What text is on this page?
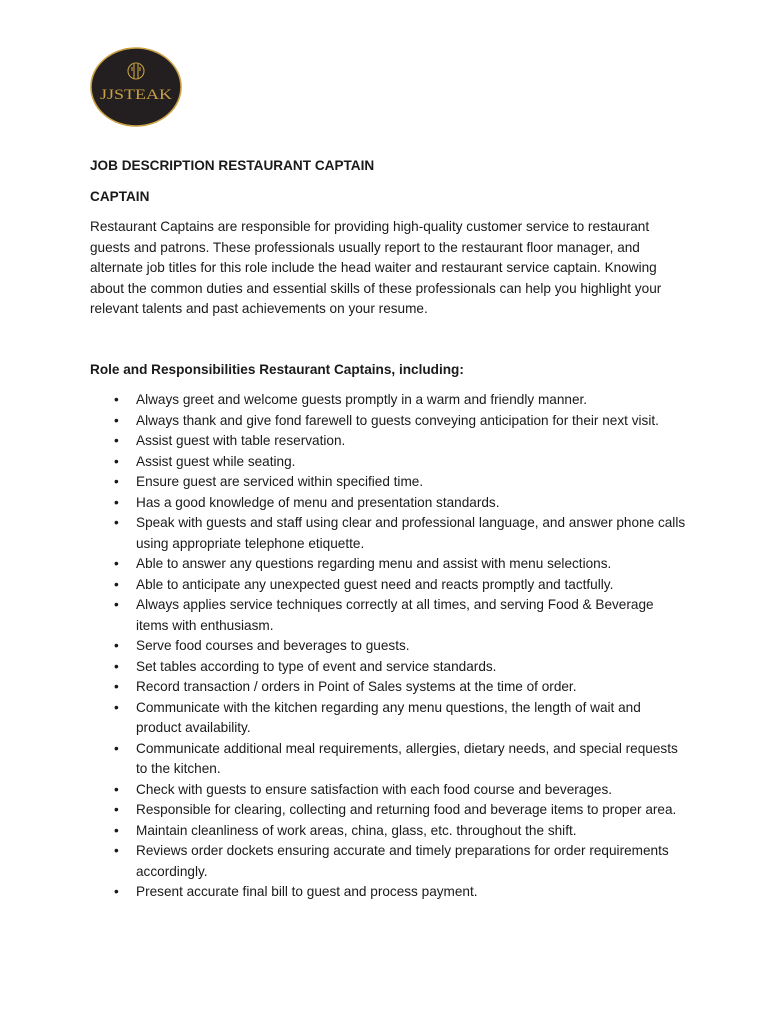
JJSTEAK

JOB DESCRIPTION RESTAURANT CAPTAIN

CAPTAIN

Restaurant Captains are responsible for providing high-quality customer service to restaurant guests and patrons. These professionals usually report to the restaurant floor manager, and alternate job titles for this role include the head waiter and restaurant service captain. Knowing about the common duties and essential skills of these professionals can help you highlight your relevant talents and past achievements on your resume.

Role and Responsibilities Restaurant Captains, including:

• Always greet and welcome guests promptly in a warm and friendly manner.
• Always thank and give fond farewell to guests conveying anticipation for their next visit.
• Assist guest with table reservation.
• Assist guest while seating.
• Ensure guest are serviced within specified time.
• Has a good knowledge of menu and presentation standards.
• Speak with guests and staff using clear and professional language, and answer phone calls using appropriate telephone etiquette.
• Able to answer any questions regarding menu and assist with menu selections.
• Able to anticipate any unexpected guest need and reacts promptly and tactfully.
• Always applies service techniques correctly at all times, and serving Food & Beverage items with enthusiasm.
• Serve food courses and beverages to guests.
• Set tables according to type of event and service standards.
• Record transaction / orders in Point of Sales systems at the time of order.
• Communicate with the kitchen regarding any menu questions, the length of wait and product availability.
• Communicate additional meal requirements, allergies, dietary needs, and special requests to the kitchen.
• Check with guests to ensure satisfaction with each food course and beverages.
• Responsible for clearing, collecting and returning food and beverage items to proper area.
• Maintain cleanliness of work areas, china, glass, etc. throughout the shift.
• Reviews order dockets ensuring accurate and timely preparations for order requirements accordingly.
• Present accurate final bill to guest and process payment.
